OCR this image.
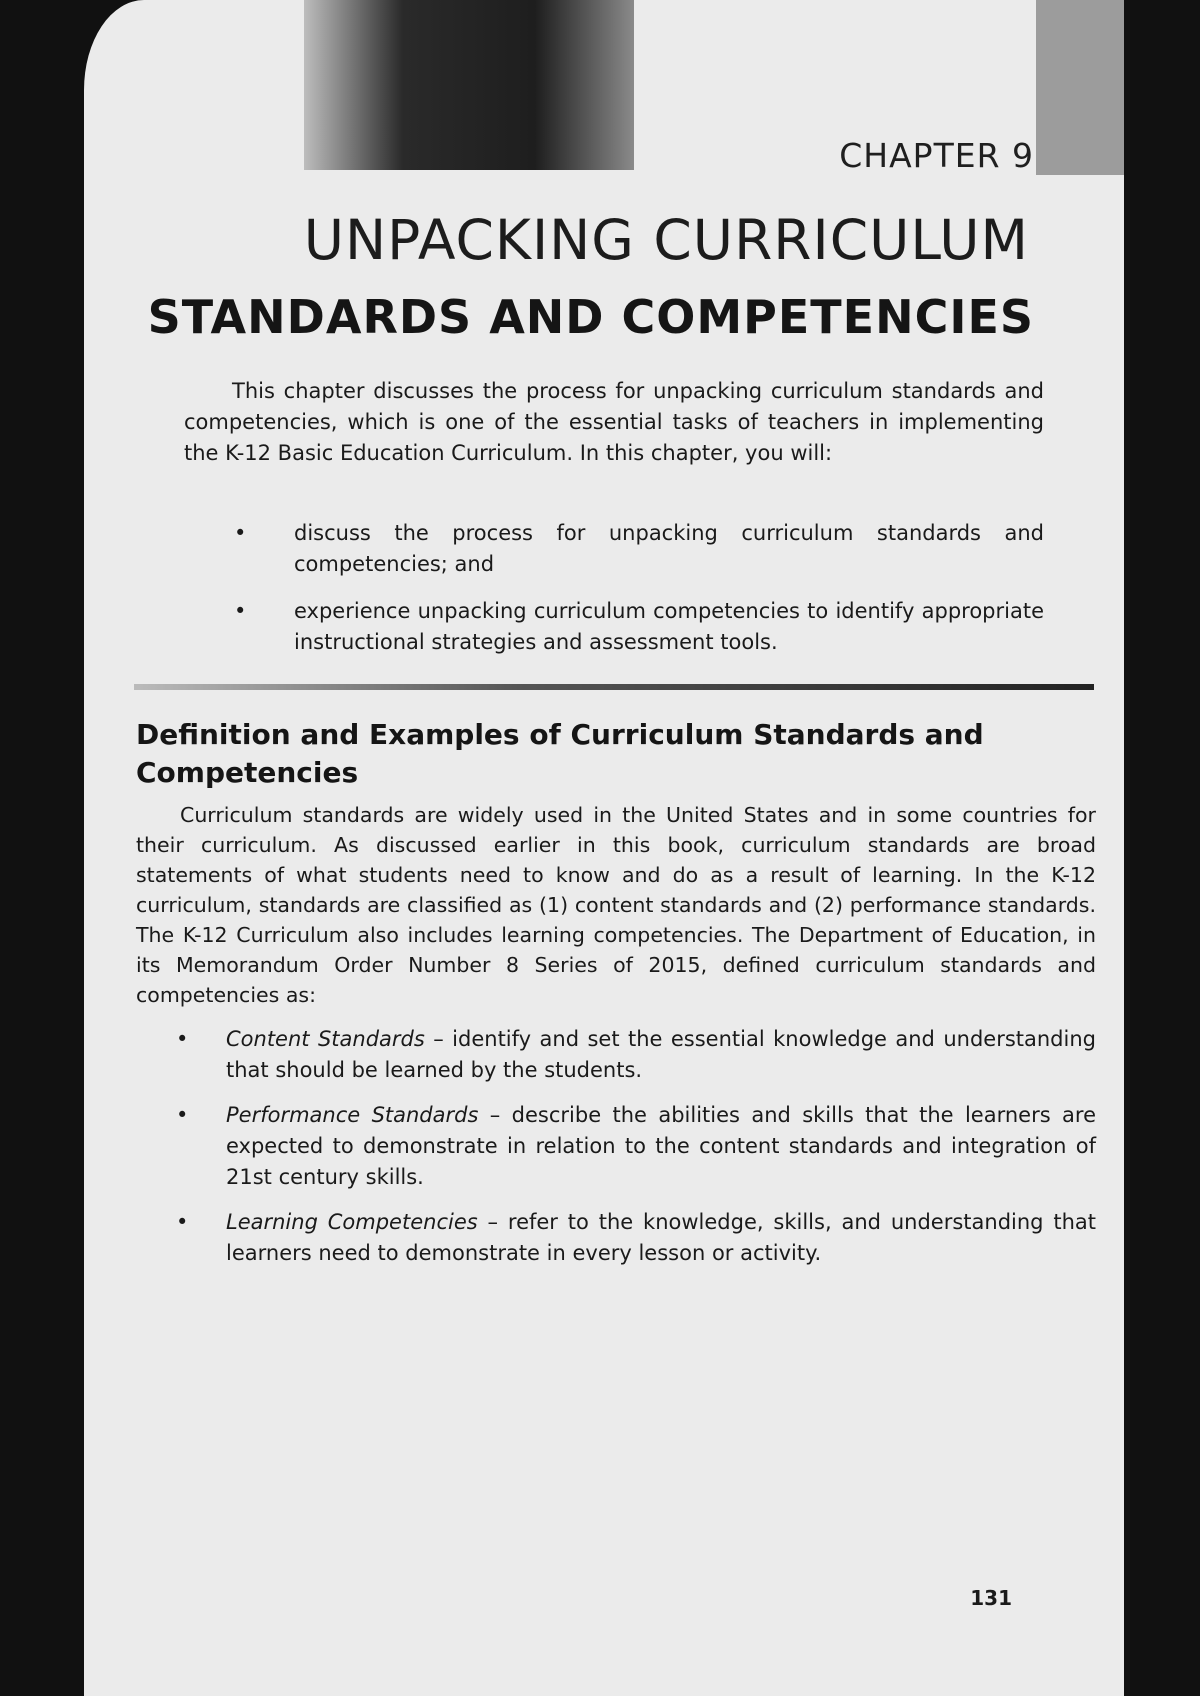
CHAPTER 9
UNPACKING CURRICULUM
STANDARDS AND COMPETENCIES

This chapter discusses the process for unpacking curriculum standards and competencies, which is one of the essential tasks of teachers in implementing the K-12 Basic Education Curriculum. In this chapter, you will:

• discuss the process for unpacking curriculum standards and competencies; and
• experience unpacking curriculum competencies to identify appropriate instructional strategies and assessment tools.
Definition and Examples of Curriculum Standards and Competencies

Curriculum standards are widely used in the United States and in some countries for their curriculum. As discussed earlier in this book, curriculum standards are broad statements of what students need to know and do as a result of learning. In the K-12 curriculum, standards are classified as (1) content standards and (2) performance standards. The K-12 Curriculum also includes learning competencies. The Department of Education, in its Memorandum Order Number 8 Series of 2015, defined curriculum standards and competencies as:

• Content Standards – identify and set the essential knowledge and understanding that should be learned by the students.
• Performance Standards – describe the abilities and skills that the learners are expected to demonstrate in relation to the content standards and integration of 21st century skills.
• Learning Competencies – refer to the knowledge, skills, and understanding that learners need to demonstrate in every lesson or activity.
131
